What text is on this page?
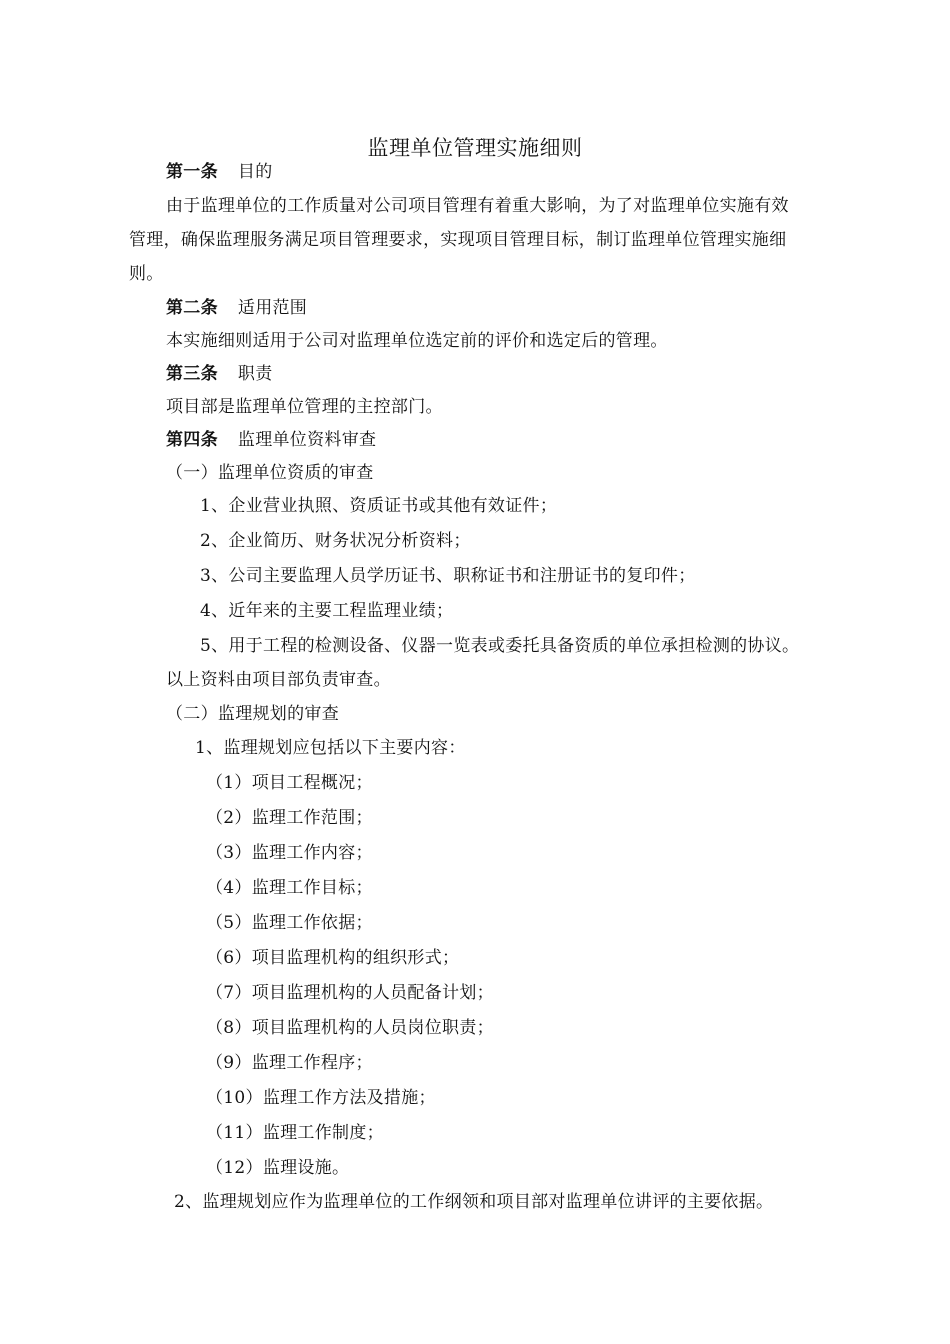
监理单位管理实施细则
第一条 目的
由于监理单位的工作质量对公司项目管理有着重大影响，为了对监理单位实施有效
管理，确保监理服务满足项目管理要求，实现项目管理目标，制订监理单位管理实施细
则。
第二条 适用范围
本实施细则适用于公司对监理单位选定前的评价和选定后的管理。
第三条 职责
项目部是监理单位管理的主控部门。
第四条 监理单位资料审查
（一）监理单位资质的审查
1、企业营业执照、资质证书或其他有效证件；
2、企业简历、财务状况分析资料；
3、公司主要监理人员学历证书、职称证书和注册证书的复印件；
4、近年来的主要工程监理业绩；
5、用于工程的检测设备、仪器一览表或委托具备资质的单位承担检测的协议。
以上资料由项目部负责审查。
（二）监理规划的审查
1、监理规划应包括以下主要内容：
（1）项目工程概况；
（2）监理工作范围；
（3）监理工作内容；
（4）监理工作目标；
（5）监理工作依据；
（6）项目监理机构的组织形式；
（7）项目监理机构的人员配备计划；
（8）项目监理机构的人员岗位职责；
（9）监理工作程序；
（10）监理工作方法及措施；
（11）监理工作制度；
（12）监理设施。
2、监理规划应作为监理单位的工作纲领和项目部对监理单位讲评的主要依据。
